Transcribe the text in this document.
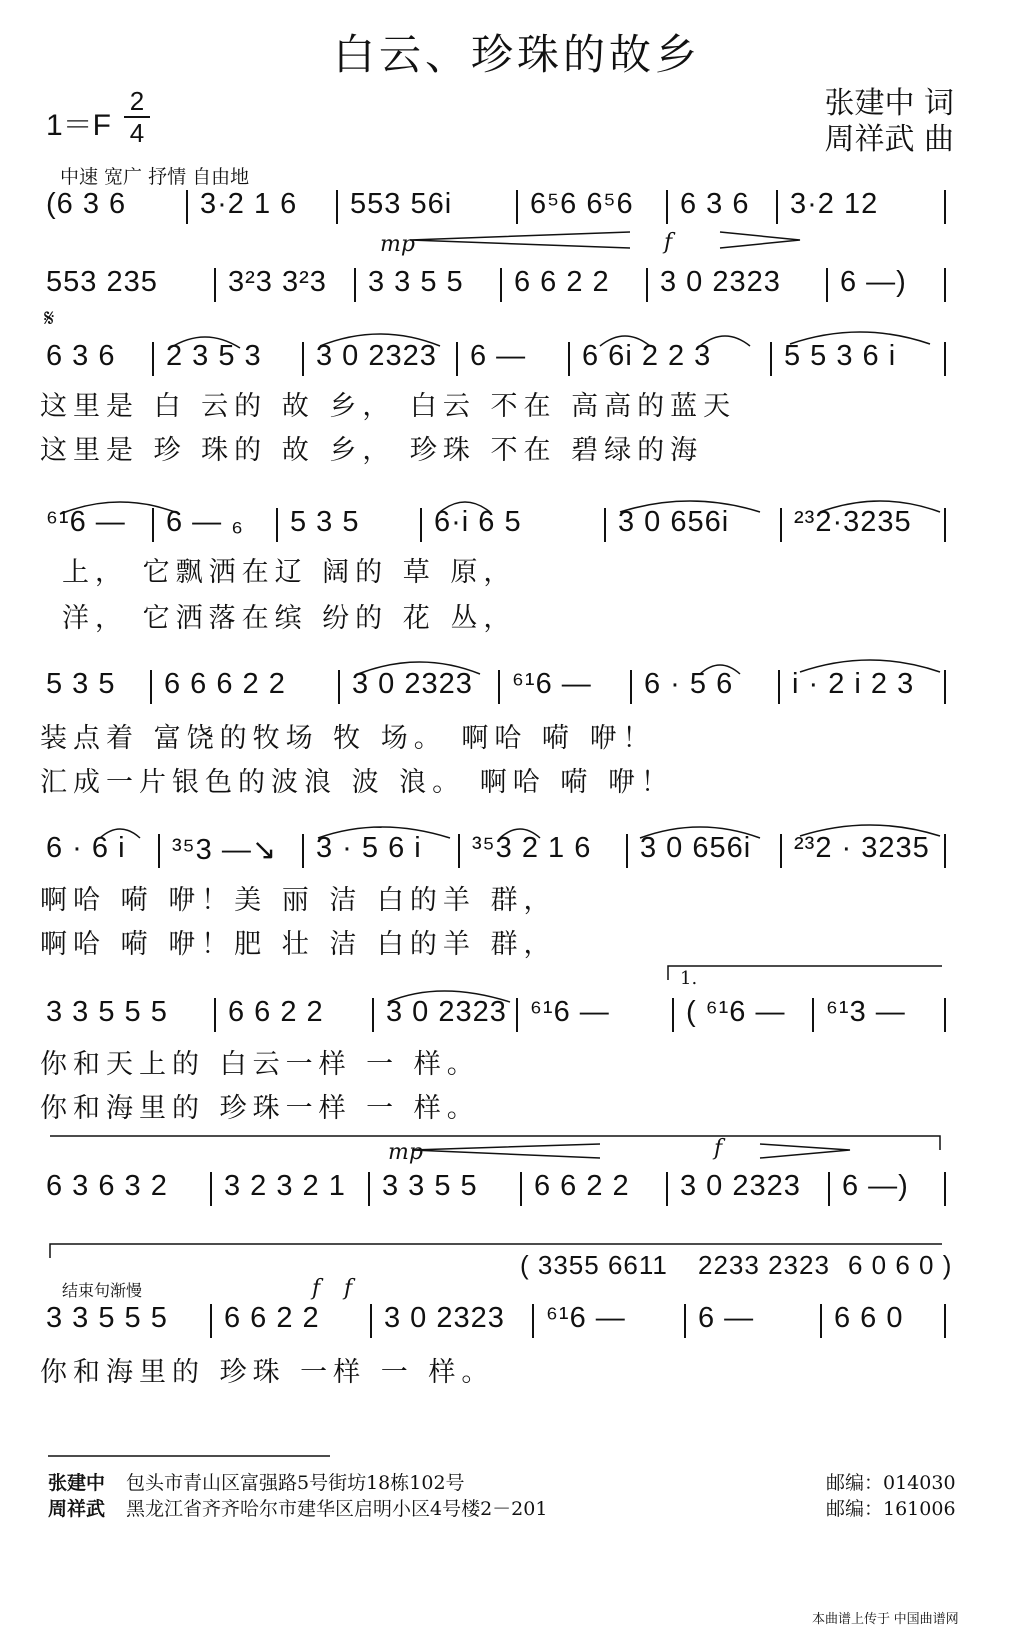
白云、珍珠的故乡
1＝F
2
4
张建中 词
周祥武 曲
中速 宽广 抒情 自由地
(6 3 6	3·2 1 6 553 56i	6⁵6 6⁵6 6 3 6 3·2 12
553 235 3²3 3²3 3 3 5 5 6 6 2 2 3 0 2323 6 —)
6 3 6 2 3 5 3 3 0 2323 6 — 6 6i 2 2 3	5 5 3 6 i
⁶¹6 — 6 — ₆ 5 3 5	6·i 6 5	3 0 656i ²³2·3235
5 3 5 6 6 6 2 2 3 0 2323 ⁶¹6 — 6 · 5 6 i · 2 i 2 3
6 · 6 i ³⁵3 —↘ 3 · 5 6 i ³⁵3 2 1 6 3 0 656i ²³2 · 3235
3 3 5 5 5 6 6 2 2 3 0 2323 ⁶¹6 —	( ⁶¹6 — ⁶¹3 —
6 3 6 3 2 3 2 3 2 1 3 3 5 5 6 6 2 2 3 0 2323 6 —)
3 3 5 5 5 6 6 2 2 3 0 2323 ⁶¹6 — 6 —	6 6 0
mp	f
mp	f
f f
𝄋
1.
结束句渐慢
( 3355 6611 2233 2323 6 0 6 0 )
这里是 白 云的 故 乡， 白云 不在 高高的蓝天
这里是 珍 珠的 故 乡， 珍珠 不在 碧绿的海
上， 它飘洒在辽 阔的 草 原，
洋， 它洒落在缤 纷的 花 丛，
装点着 富饶的牧场 牧 场。 啊哈 嗬 咿！
汇成一片银色的波浪 波 浪。 啊哈 嗬 咿！
啊哈 嗬 咿！美 丽 洁 白的羊 群，
啊哈 嗬 咿！肥 壮 洁 白的羊 群，
你和天上的 白云一样 一 样。
你和海里的 珍珠一样 一 样。
你和海里的 珍珠 一样 一 样。
张建中 包头市青山区富强路5号街坊18栋102号	邮编：014030
周祥武 黑龙江省齐齐哈尔市建华区启明小区4号楼2－201	邮编：161006
本曲谱上传于 中国曲谱网
